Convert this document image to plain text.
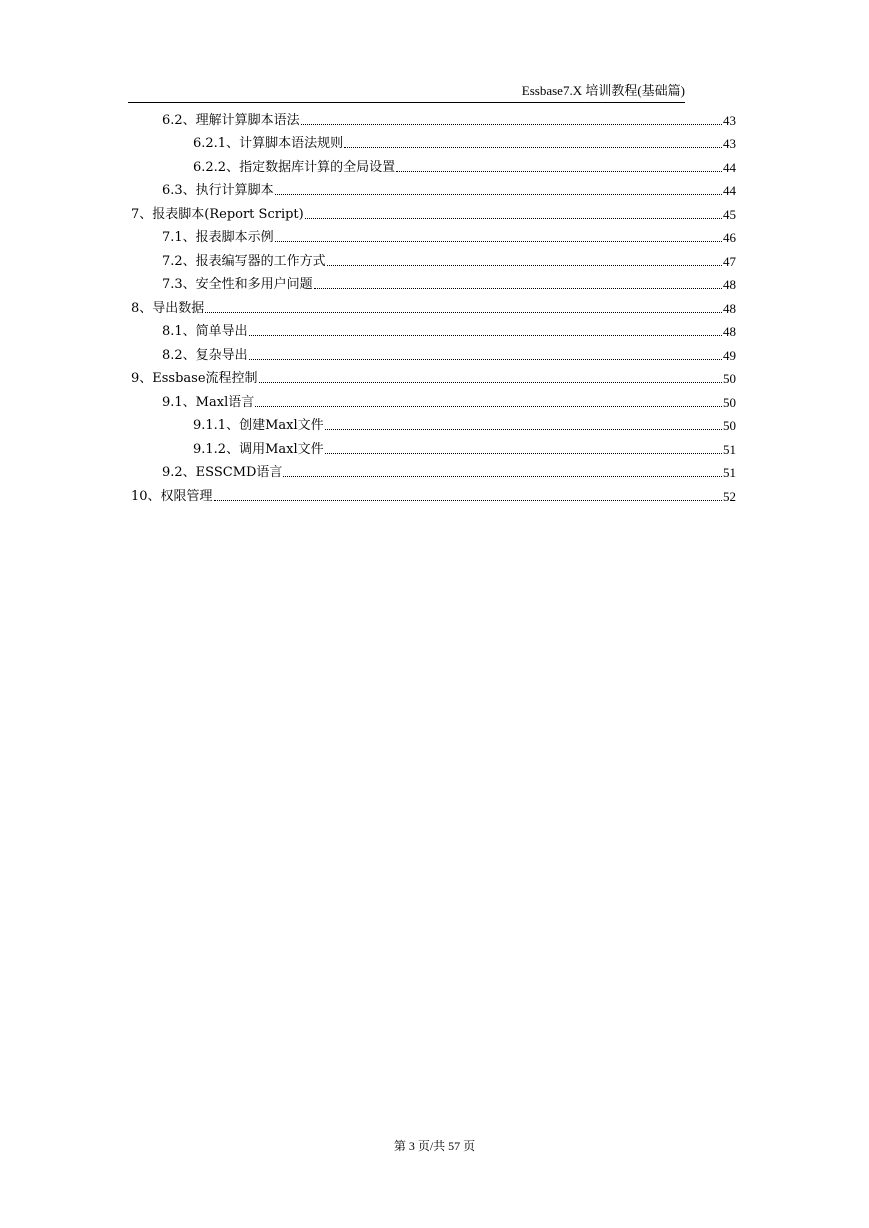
Essbase7.X 培训教程(基础篇)
6.2、理解计算脚本语法	43
6.2.1、计算脚本语法规则	43
6.2.2、指定数据库计算的全局设置	44
6.3、执行计算脚本	44
7、报表脚本(Report Script)	45
7.1、报表脚本示例	46
7.2、报表编写器的工作方式	47
7.3、安全性和多用户问题	48
8、导出数据	48
8.1、简单导出	48
8.2、复杂导出	49
9、Essbase流程控制	50
9.1、Maxl语言	50
9.1.1、创建Maxl文件	50
9.1.2、调用Maxl文件	51
9.2、ESSCMD语言	51
10、权限管理	52
第 3 页/共 57 页
